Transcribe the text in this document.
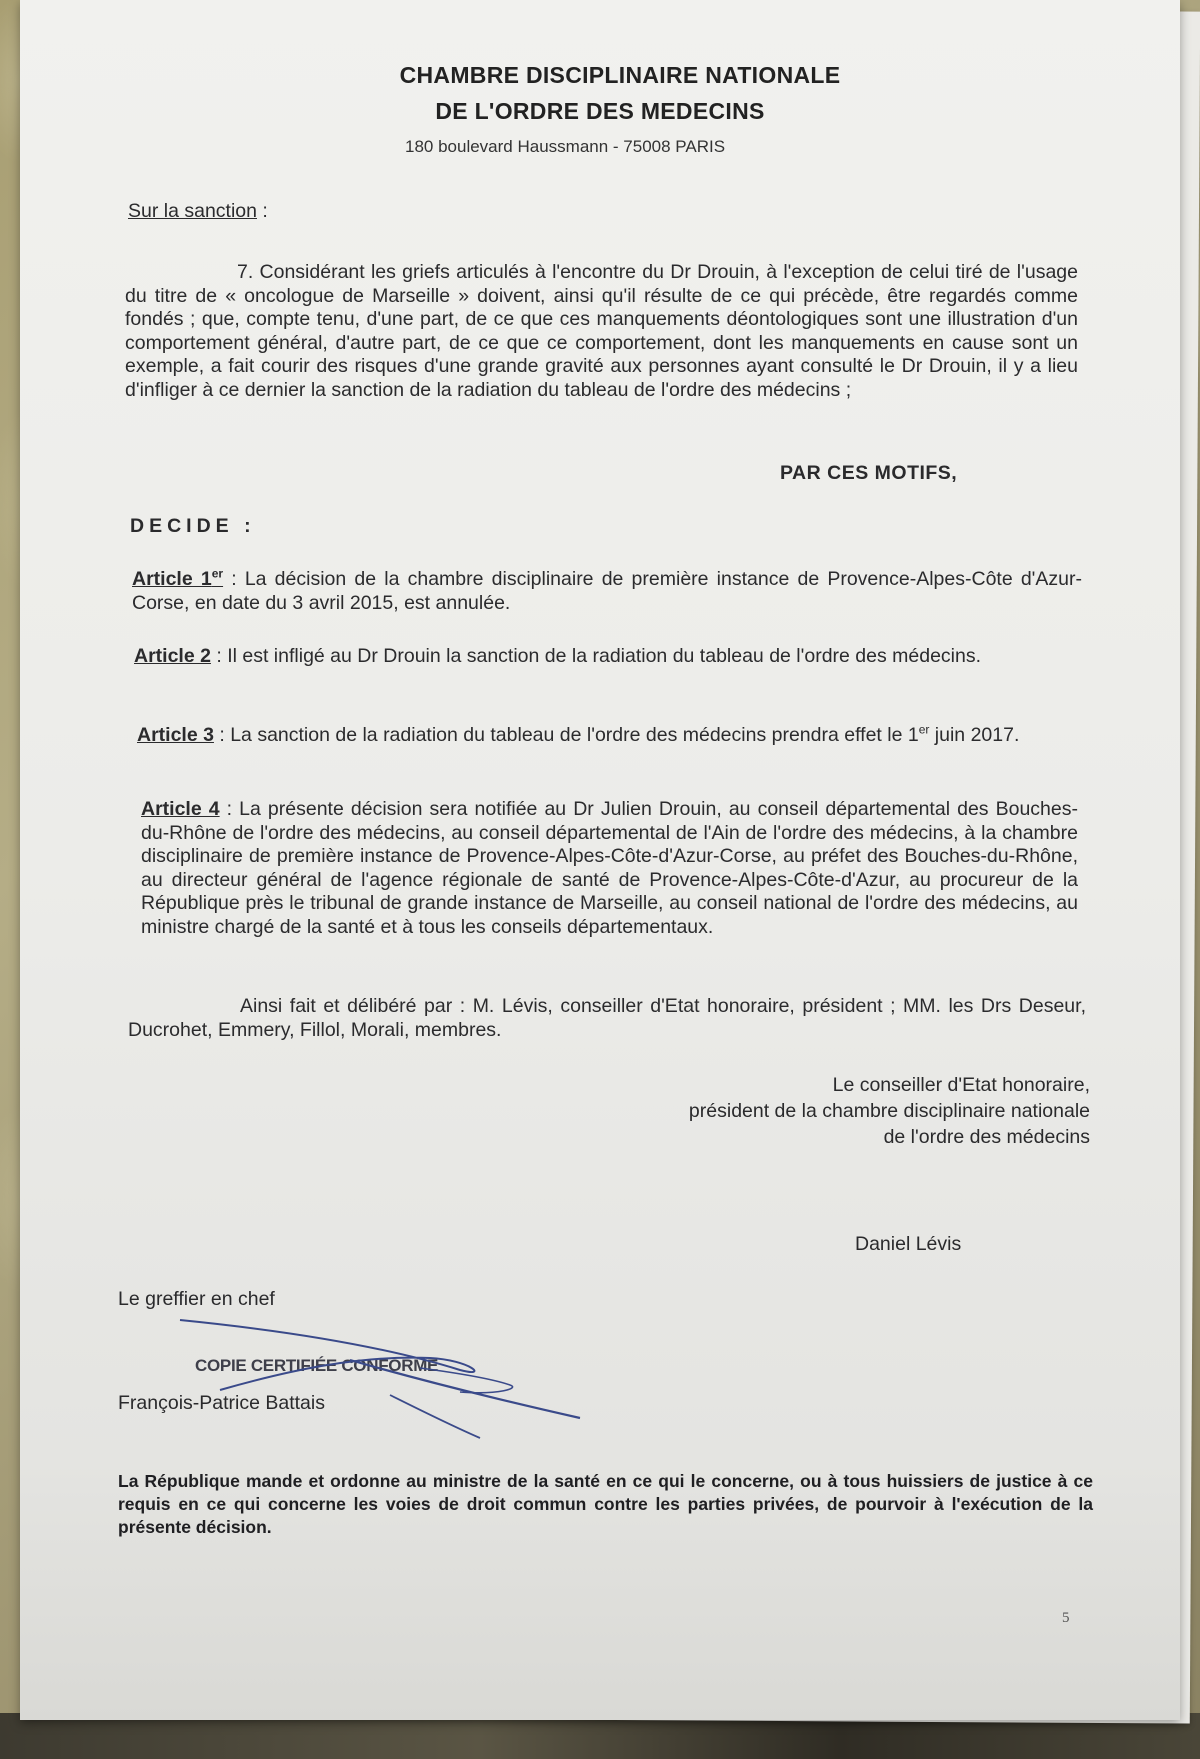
CHAMBRE DISCIPLINAIRE NATIONALE
DE L'ORDRE DES MEDECINS
180 boulevard Haussmann - 75008 PARIS
Sur la sanction :
7. Considérant les griefs articulés à l'encontre du Dr Drouin, à l'exception de celui tiré de l'usage du titre de « oncologue de Marseille » doivent, ainsi qu'il résulte de ce qui précède, être regardés comme fondés ; que, compte tenu, d'une part, de ce que ces manquements déontologiques sont une illustration d'un comportement général, d'autre part, de ce que ce comportement, dont les manquements en cause sont un exemple, a fait courir des risques d'une grande gravité aux personnes ayant consulté le Dr Drouin, il y a lieu d'infliger à ce dernier la sanction de la radiation du tableau de l'ordre des médecins ;
PAR CES MOTIFS,
DECIDE :
Article 1er : La décision de la chambre disciplinaire de première instance de Provence-Alpes-Côte d'Azur-Corse, en date du 3 avril 2015, est annulée.
Article 2 : Il est infligé au Dr Drouin la sanction de la radiation du tableau de l'ordre des médecins.
Article 3 : La sanction de la radiation du tableau de l'ordre des médecins prendra effet le 1er juin 2017.
Article 4 : La présente décision sera notifiée au Dr Julien Drouin, au conseil départemental des Bouches-du-Rhône de l'ordre des médecins, au conseil départemental de l'Ain de l'ordre des médecins, à la chambre disciplinaire de première instance de Provence-Alpes-Côte-d'Azur-Corse, au préfet des Bouches-du-Rhône, au directeur général de l'agence régionale de santé de Provence-Alpes-Côte-d'Azur, au procureur de la République près le tribunal de grande instance de Marseille, au conseil national de l'ordre des médecins, au ministre chargé de la santé et à tous les conseils départementaux.
Ainsi fait et délibéré par : M. Lévis, conseiller d'Etat honoraire, président ; MM. les Drs Deseur, Ducrohet, Emmery, Fillol, Morali, membres.
Le conseiller d'Etat honoraire,
président de la chambre disciplinaire nationale
de l'ordre des médecins
Daniel Lévis
Le greffier en chef
COPIE CERTIFIÉE CONFORME
François-Patrice Battais
La République mande et ordonne au ministre de la santé en ce qui le concerne, ou à tous huissiers de justice à ce requis en ce qui concerne les voies de droit commun contre les parties privées, de pourvoir à l'exécution de la présente décision.
5
